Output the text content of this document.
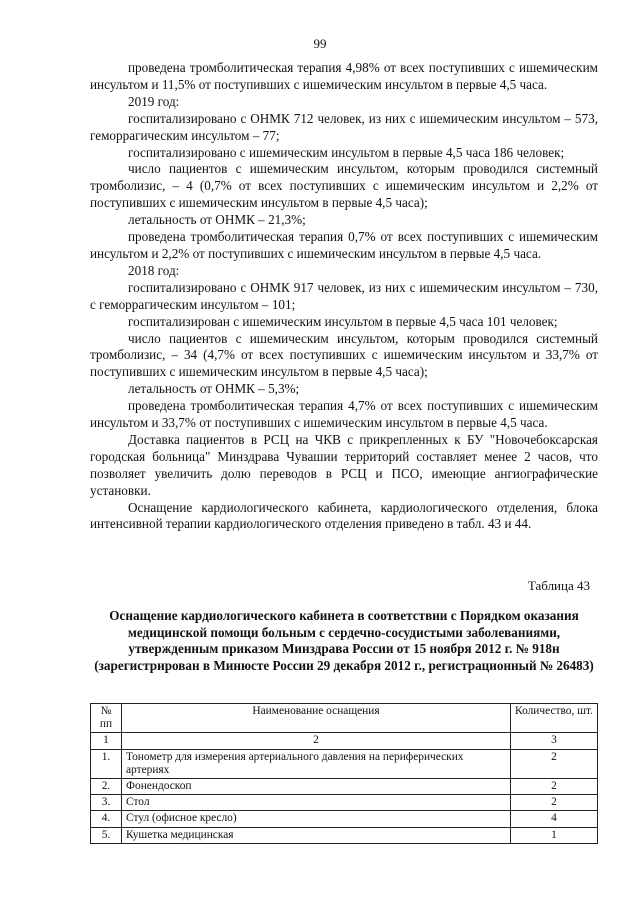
99

проведена тромболитическая терапия 4,98% от всех поступивших с ишемическим инсультом и 11,5% от поступивших с ишемическим инсультом в первые 4,5 часа.

2019 год:

госпитализировано с ОНМК 712 человек, из них с ишемическим инсультом – 573, геморрагическим инсультом – 77;

госпитализировано с ишемическим инсультом в первые 4,5 часа 186 человек;

число пациентов с ишемическим инсультом, которым проводился системный тромболизис, – 4 (0,7% от всех поступивших с ишемическим инсультом и 2,2% от поступивших с ишемическим инсультом в первые 4,5 часа);

летальность от ОНМК – 21,3%;

проведена тромболитическая терапия 0,7% от всех поступивших с ишемическим инсультом и 2,2% от поступивших с ишемическим инсультом в первые 4,5 часа.

2018 год:

госпитализировано с ОНМК 917 человек, из них с ишемическим инсультом – 730, с геморрагическим инсультом – 101;

госпитализирован с ишемическим инсультом в первые 4,5 часа 101 человек;

число пациентов с ишемическим инсультом, которым проводился системный тромболизис, – 34 (4,7% от всех поступивших с ишемическим инсультом и 33,7% от поступивших с ишемическим инсультом в первые 4,5 часа);

летальность от ОНМК – 5,3%;

проведена тромболитическая терапия 4,7% от всех поступивших с ишемическим инсультом и 33,7% от поступивших с ишемическим инсультом в первые 4,5 часа.

Доставка пациентов в РСЦ на ЧКВ с прикрепленных к БУ "Новочебоксарская городская больница" Минздрава Чувашии территорий составляет менее 2 часов, что позволяет увеличить долю переводов в РСЦ и ПСО, имеющие ангиографические установки.

Оснащение кардиологического кабинета, кардиологического отделения, блока интенсивной терапии кардиологического отделения приведено в табл. 43 и 44.

Таблица 43
Оснащение кардиологического кабинета в соответствии с Порядком оказания медицинской помощи больным с сердечно-сосудистыми заболеваниями, утвержденным приказом Минздрава России от 15 ноября 2012 г. № 918н (зарегистрирован в Минюсте России 29 декабря 2012 г., регистрационный № 26483)
№ пп	Наименование оснащения	Количество, шт.
1	2	3
1.	Тонометр для измерения артериального давления на периферических артериях	2
2.	Фонендоскоп	2
3.	Стол	2
4.	Стул (офисное кресло)	4
5.	Кушетка медицинская	1
